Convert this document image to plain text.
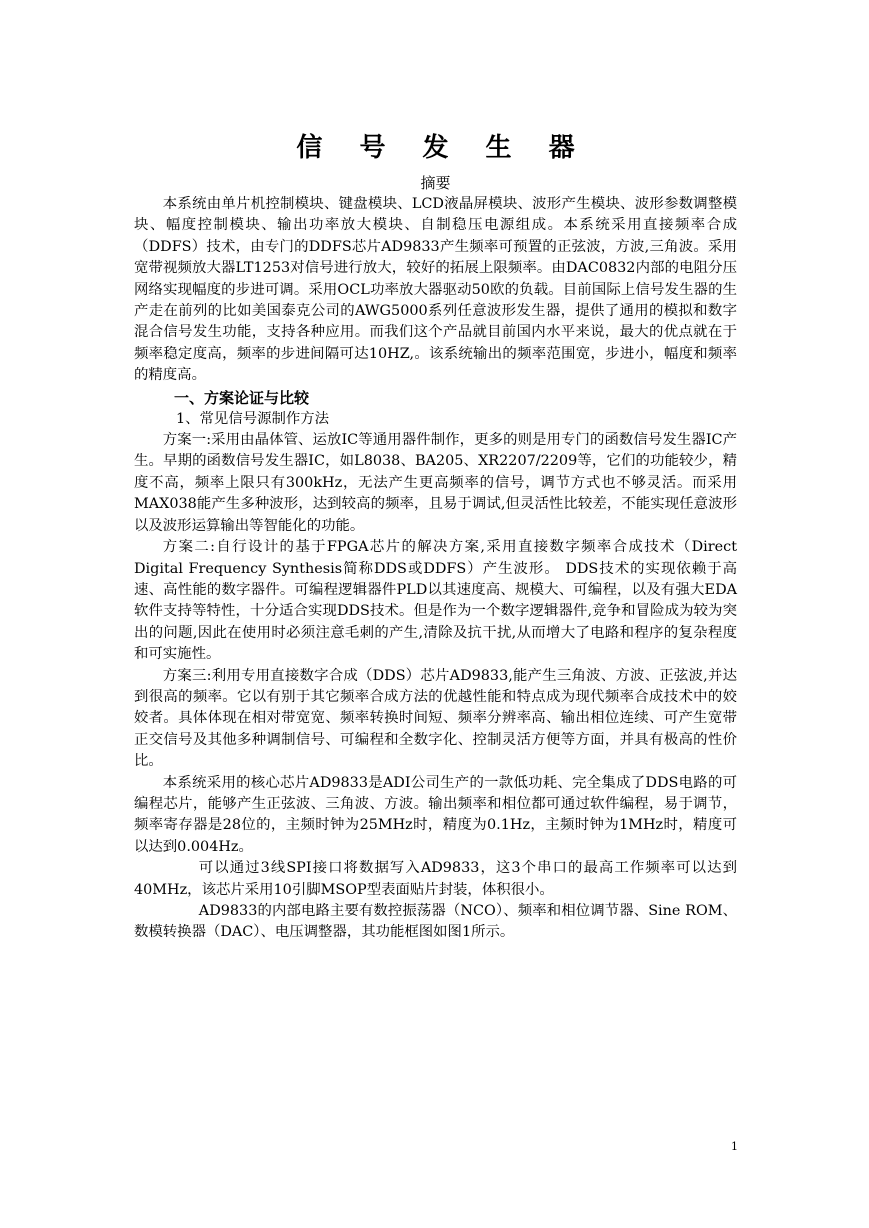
信 号 发 生 器
摘要

本系统由单片机控制模块、键盘模块、LCD液晶屏模块、波形产生模块、波形参数调整模块、幅度控制模块、输出功率放大模块、自制稳压电源组成。本系统采用直接频率合成（DDFS）技术，由专门的DDFS芯片AD9833产生频率可预置的正弦波，方波,三角波。采用宽带视频放大器LT1253对信号进行放大，较好的拓展上限频率。由DAC0832内部的电阻分压网络实现幅度的步进可调。采用OCL功率放大器驱动50欧的负载。目前国际上信号发生器的生产走在前列的比如美国泰克公司的AWG5000系列任意波形发生器，提供了通用的模拟和数字混合信号发生功能，支持各种应用。而我们这个产品就目前国内水平来说，最大的优点就在于频率稳定度高，频率的步进间隔可达10HZ,。该系统输出的频率范围宽，步进小，幅度和频率的精度高。

一、方案论证与比较
1、常见信号源制作方法

方案一:采用由晶体管、运放IC等通用器件制作，更多的则是用专门的函数信号发生器IC产生。早期的函数信号发生器IC，如L8038、BA205、XR2207/2209等，它们的功能较少，精度不高，频率上限只有300kHz，无法产生更高频率的信号，调节方式也不够灵活。而采用MAX038能产生多种波形，达到较高的频率，且易于调试,但灵活性比较差，不能实现任意波形以及波形运算输出等智能化的功能。

方案二:自行设计的基于FPGA芯片的解决方案,采用直接数字频率合成技术（Direct Digital Frequency Synthesis简称DDS或DDFS）产生波形。 DDS技术的实现依赖于高速、高性能的数字器件。可编程逻辑器件PLD以其速度高、规模大、可编程，以及有强大EDA软件支持等特性，十分适合实现DDS技术。但是作为一个数字逻辑器件,竞争和冒险成为较为突出的问题,因此在使用时必须注意毛刺的产生,清除及抗干扰,从而增大了电路和程序的复杂程度和可实施性。

方案三:利用专用直接数字合成（DDS）芯片AD9833,能产生三角波、方波、正弦波,并达到很高的频率。它以有别于其它频率合成方法的优越性能和特点成为现代频率合成技术中的姣姣者。具体体现在相对带宽宽、频率转换时间短、频率分辨率高、输出相位连续、可产生宽带正交信号及其他多种调制信号、可编程和全数字化、控制灵活方便等方面，并具有极高的性价比。

本系统采用的核心芯片AD9833是ADI公司生产的一款低功耗、完全集成了DDS电路的可编程芯片，能够产生正弦波、三角波、方波。输出频率和相位都可通过软件编程，易于调节，频率寄存器是28位的，主频时钟为25MHz时，精度为0.1Hz，主频时钟为1MHz时，精度可以达到0.004Hz。

可以通过3线SPI接口将数据写入AD9833，这3个串口的最高工作频率可以达到40MHz，该芯片采用10引脚MSOP型表面贴片封装，体积很小。

AD9833的内部电路主要有数控振荡器（NCO）、频率和相位调节器、Sine ROM、数模转换器（DAC）、电压调整器，其功能框图如图1所示。

1
